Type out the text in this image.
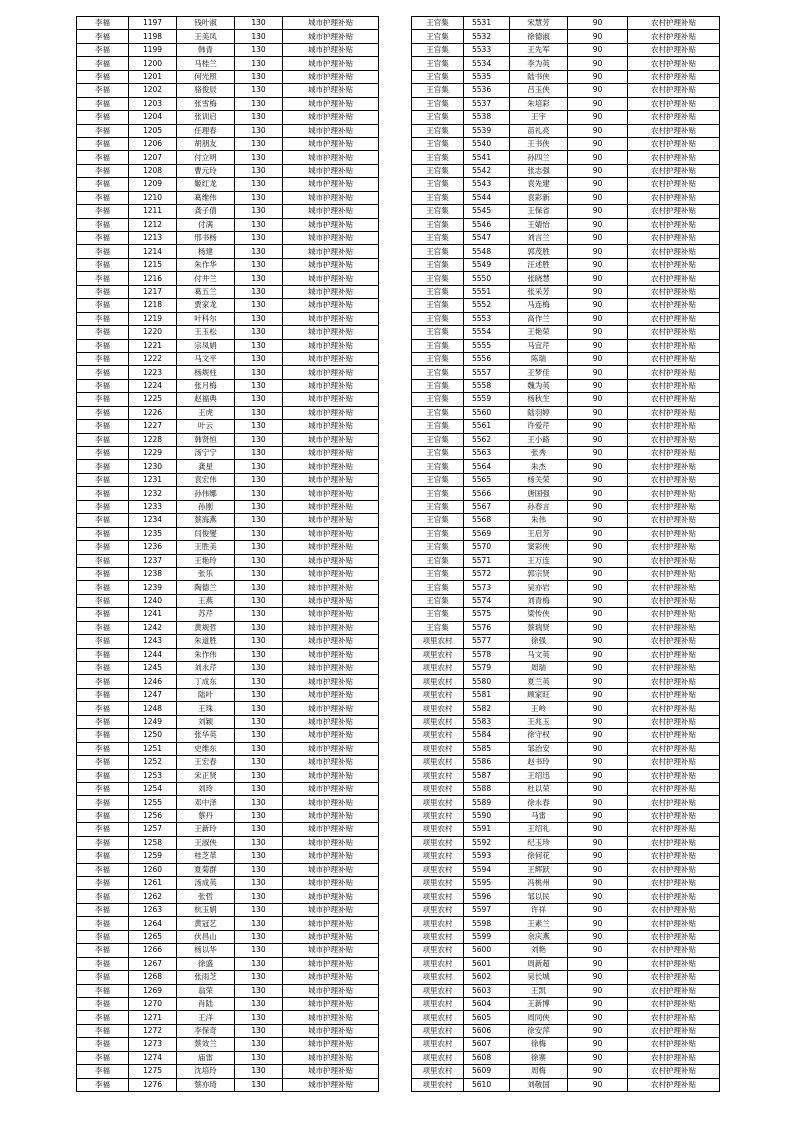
李福	1197	钱叶淑	130	城市护理补贴
李福	1198	王美凤	130	城市护理补贴
李福	1199	韩青	130	城市护理补贴
李福	1200	马桂兰	130	城市护理补贴
李福	1201	何光照	130	城市护理补贴
李福	1202	骆俊辰	130	城市护理补贴
李福	1203	张雪梅	130	城市护理补贴
李福	1204	张训启	130	城市护理补贴
李福	1205	任理春	130	城市护理补贴
李福	1206	胡朋友	130	城市护理补贴
李福	1207	付立明	130	城市护理补贴
李福	1208	曹元玲	130	城市护理补贴
李福	1209	姬红龙	130	城市护理补贴
李福	1210	葛维伟	130	城市护理补贴
李福	1211	龚子倩	130	城市护理补贴
李福	1212	付满	130	城市护理补贴
李福	1213	邢书杨	130	城市护理补贴
李福	1214	杨建	130	城市护理补贴
李福	1215	朱作华	130	城市护理补贴
李福	1216	付井兰	130	城市护理补贴
李福	1217	葛五兰	130	城市护理补贴
李福	1218	贾家龙	130	城市护理补贴
李福	1219	叶科尔	130	城市护理补贴
李福	1220	王玉松	130	城市护理补贴
李福	1221	宗凤娟	130	城市护理补贴
李福	1222	马文平	130	城市护理补贴
李福	1223	杨规柱	130	城市护理补贴
李福	1224	张月梅	130	城市护理补贴
李福	1225	赵福典	130	城市护理补贴
李福	1226	王虎	130	城市护理补贴
李福	1227	叶云	130	城市护理补贴
李福	1228	韩贤恒	130	城市护理补贴
李福	1229	汤宁宁	130	城市护理补贴
李福	1230	龚星	130	城市护理补贴
李福	1231	袁宏伟	130	城市护理补贴
李福	1232	孙伟娜	130	城市护理补贴
李福	1233	孙刚	130	城市护理补贴
李福	1234	蔡海燕	130	城市护理补贴
李福	1235	闫俊燮	130	城市护理补贴
李福	1236	王胜美	130	城市护理补贴
李福	1237	王艳玲	130	城市护理补贴
李福	1238	张乐	130	城市护理补贴
李福	1239	陶德兰	130	城市护理补贴
李福	1240	王燕	130	城市护理补贴
李福	1241	苏芹	130	城市护理补贴
李福	1242	黄规哲	130	城市护理补贴
李福	1243	朱道胜	130	城市护理补贴
李福	1244	朱作伟	130	城市护理补贴
李福	1245	刘永芹	130	城市护理补贴
李福	1246	丁成东	130	城市护理补贴
李福	1247	陆叶	130	城市护理补贴
李福	1248	王珠	130	城市护理补贴
李福	1249	刘颖	130	城市护理补贴
李福	1250	张华英	130	城市护理补贴
李福	1251	史维东	130	城市护理补贴
李福	1252	王宏春	130	城市护理补贴
李福	1253	宋正贤	130	城市护理补贴
李福	1254	刘玲	130	城市护理补贴
李福	1255	邓中泽	130	城市护理补贴
李福	1256	蔡丹	130	城市护理补贴
李福	1257	王新玲	130	城市护理补贴
李福	1258	王淑侠	130	城市护理补贴
李福	1259	桂芝革	130	城市护理补贴
李福	1260	夏菊群	130	城市护理补贴
李福	1261	汤成英	130	城市护理补贴
李福	1262	张哲	130	城市护理补贴
李福	1263	杭玉娟	130	城市护理补贴
李福	1264	黄冠艺	130	城市护理补贴
李福	1265	伏昌山	130	城市护理补贴
李福	1266	杨以华	130	城市护理补贴
李福	1267	徐盛	130	城市护理补贴
李福	1268	张雨芝	130	城市护理补贴
李福	1269	翁荣	130	城市护理补贴
李福	1270	肖陆	130	城市护理补贴
李福	1271	王洋	130	城市护理补贴
李福	1272	李保奇	130	城市护理补贴
李福	1273	蔡效兰	130	城市护理补贴
李福	1274	庙雷	130	城市护理补贴
李福	1275	沈培玲	130	城市护理补贴
李福	1276	蔡亦琦	130	城市护理补贴
王官集	5531	宋慧芳	90	农村护理补贴
王官集	5532	徐德淑	90	农村护理补贴
王官集	5533	王先军	90	农村护理补贴
王官集	5534	李为英	90	农村护理补贴
王官集	5535	陆书侠	90	农村护理补贴
王官集	5536	吕玉侠	90	农村护理补贴
王官集	5537	朱培彩	90	农村护理补贴
王官集	5538	王宇	90	农村护理补贴
王官集	5539	苗礼亮	90	农村护理补贴
王官集	5540	王书侠	90	农村护理补贴
王官集	5541	孙四兰	90	农村护理补贴
王官集	5542	张志强	90	农村护理补贴
王官集	5543	袁先建	90	农村护理补贴
王官集	5544	袁彩新	90	农村护理补贴
王官集	5545	王保省	90	农村护理补贴
王官集	5546	王婧怡	90	农村护理补贴
王官集	5547	刘言兰	90	农村护理补贴
王官集	5548	郭茂胜	90	农村护理补贴
王官集	5549	汪述胜	90	农村护理补贴
王官集	5550	张晓慧	90	农村护理补贴
王官集	5551	张采芳	90	农村护理补贴
王官集	5552	马连梅	90	农村护理补贴
王官集	5553	高作兰	90	农村护理补贴
王官集	5554	王艳荣	90	农村护理补贴
王官集	5555	马宜芹	90	农村护理补贴
王官集	5556	陈瑞	90	农村护理补贴
王官集	5557	王梦佳	90	农村护理补贴
王官集	5558	魏为英	90	农村护理补贴
王官集	5559	杨秋生	90	农村护理补贴
王官集	5560	陆羽婷	90	农村护理补贴
王官集	5561	许爱芹	90	农村护理补贴
王官集	5562	王小路	90	农村护理补贴
王官集	5563	张秀	90	农村护理补贴
王官集	5564	朱杰	90	农村护理补贴
王官集	5565	杨关荣	90	农村护理补贴
王官集	5566	唐国强	90	农村护理补贴
王官集	5567	孙春言	90	农村护理补贴
王官集	5568	朱伟	90	农村护理补贴
王官集	5569	王启芳	90	农村护理补贴
王官集	5570	窦彩侠	90	农村护理补贴
王官集	5571	王万连	90	农村护理补贴
王官集	5572	郭宗贤	90	农村护理补贴
王官集	5573	吴亦岩	90	农村护理补贴
王官集	5574	刘青梅	90	农村护理补贴
王官集	5575	梁传侠	90	农村护理补贴
王官集	5576	蔡瑞贤	90	农村护理补贴
项里农村	5577	徐强	90	农村护理补贴
项里农村	5578	马文英	90	农村护理补贴
项里农村	5579	周瑞	90	农村护理补贴
项里农村	5580	夏兰英	90	农村护理补贴
项里农村	5581	顾家旺	90	农村护理补贴
项里农村	5582	王岭	90	农村护理补贴
项里农村	5583	王兆玉	90	农村护理补贴
项里农村	5584	徐守权	90	农村护理补贴
项里农村	5585	邹治安	90	农村护理补贴
项里农村	5586	赵书玲	90	农村护理补贴
项里农村	5587	王绍迅	90	农村护理补贴
项里农村	5588	杜以荣	90	农村护理补贴
项里农村	5589	徐永春	90	农村护理补贴
项里农村	5590	马雷	90	农村护理补贴
项里农村	5591	王绍礼	90	农村护理补贴
项里农村	5592	纪玉珍	90	农村护理补贴
项里农村	5593	徐何花	90	农村护理补贴
项里农村	5594	王辉跃	90	农村护理补贴
项里农村	5595	冯桃州	90	农村护理补贴
项里农村	5596	邹以民	90	农村护理补贴
项里农村	5597	许祥	90	农村护理补贴
项里农村	5598	王素兰	90	农村护理补贴
项里农村	5599	余庆燕	90	农村护理补贴
项里农村	5600	刘艳	90	农村护理补贴
项里农村	5601	周新超	90	农村护理补贴
项里农村	5602	吴长城	90	农村护理补贴
项里农村	5603	王凯	90	农村护理补贴
项里农村	5604	王新博	90	农村护理补贴
项里农村	5605	周同侠	90	农村护理补贴
项里农村	5606	徐安萍	90	农村护理补贴
项里农村	5607	徐梅	90	农村护理补贴
项里农村	5608	徐寨	90	农村护理补贴
项里农村	5609	周梅	90	农村护理补贴
项里农村	5610	刘敬国	90	农村护理补贴
